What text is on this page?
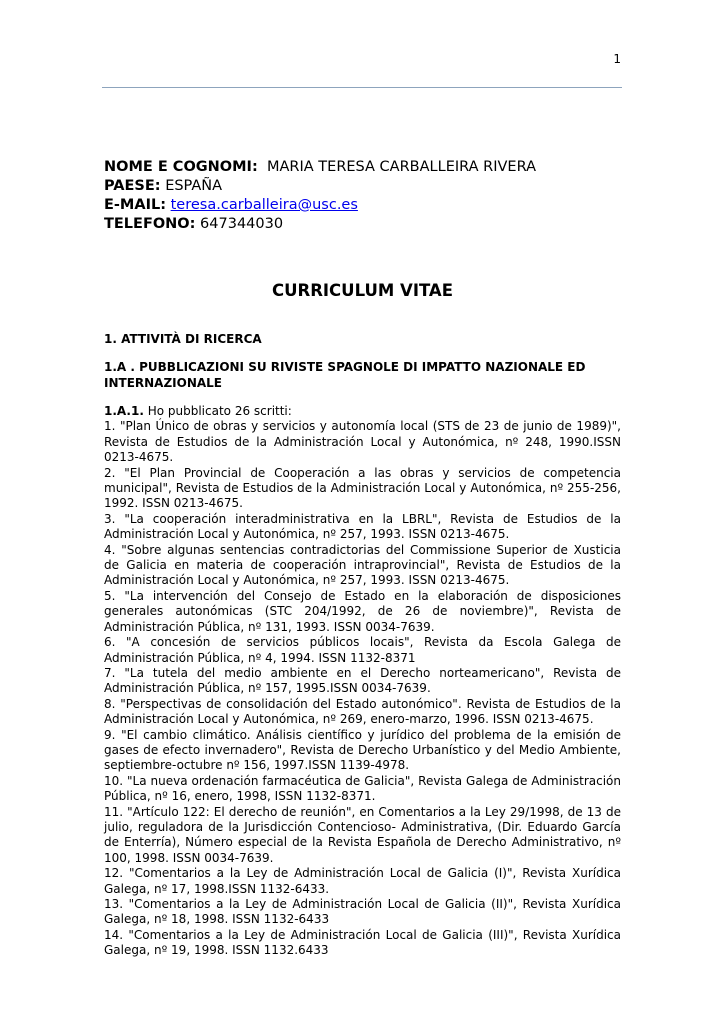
1
NOME E COGNOMI: MARIA TERESA CARBALLEIRA RIVERA
PAESE: ESPAÑA
E-MAIL: teresa.carballeira@usc.es
TELEFONO: 647344030
CURRICULUM VITAE
1. ATTIVITÀ DI RICERCA
1.A . PUBBLICAZIONI SU RIVISTE SPAGNOLE DI IMPATTO NAZIONALE ED INTERNAZIONALE
1.A.1. Ho pubblicato 26 scritti:
1. "Plan Único de obras y servicios y autonomía local (STS de 23 de junio de 1989)", Revista de Estudios de la Administración Local y Autonómica, nº 248, 1990.ISSN 0213-4675.
2. "El Plan Provincial de Cooperación a las obras y servicios de competencia municipal", Revista de Estudios de la Administración Local y Autonómica, nº 255-256, 1992. ISSN 0213-4675.
3. "La cooperación interadministrativa en la LBRL", Revista de Estudios de la Administración Local y Autonómica, nº 257, 1993. ISSN 0213-4675.
4. "Sobre algunas sentencias contradictorias del Commissione Superior de Xusticia de Galicia en materia de cooperación intraprovincial", Revista de Estudios de la Administración Local y Autonómica, nº 257, 1993. ISSN 0213-4675.
5. "La intervención del Consejo de Estado en la elaboración de disposiciones generales autonómicas (STC 204/1992, de 26 de noviembre)", Revista de Administración Pública, nº 131, 1993. ISSN 0034-7639.
6. "A concesión de servicios públicos locais", Revista da Escola Galega de Administración Pública, nº 4, 1994. ISSN 1132-8371
7. "La tutela del medio ambiente en el Derecho norteamericano", Revista de Administración Pública, nº 157, 1995.ISSN 0034-7639.
8. "Perspectivas de consolidación del Estado autonómico". Revista de Estudios de la Administración Local y Autonómica, nº 269, enero-marzo, 1996. ISSN 0213-4675.
9. "El cambio climático. Análisis científico y jurídico del problema de la emisión de gases de efecto invernadero", Revista de Derecho Urbanístico y del Medio Ambiente, septiembre-octubre nº 156, 1997.ISSN 1139-4978.
10. "La nueva ordenación farmacéutica de Galicia", Revista Galega de Administración Pública, nº 16, enero, 1998, ISSN 1132-8371.
11. "Artículo 122: El derecho de reunión", en Comentarios a la Ley 29/1998, de 13 de julio, reguladora de la Jurisdicción Contencioso- Administrativa, (Dir. Eduardo García de Enterría), Número especial de la Revista Española de Derecho Administrativo, nº 100, 1998. ISSN 0034-7639.
12. "Comentarios a la Ley de Administración Local de Galicia (I)", Revista Xurídica Galega, nº 17, 1998.ISSN 1132-6433.
13. "Comentarios a la Ley de Administración Local de Galicia (II)", Revista Xurídica Galega, nº 18, 1998. ISSN 1132-6433
14. "Comentarios a la Ley de Administración Local de Galicia (III)", Revista Xurídica Galega, nº 19, 1998. ISSN 1132.6433
